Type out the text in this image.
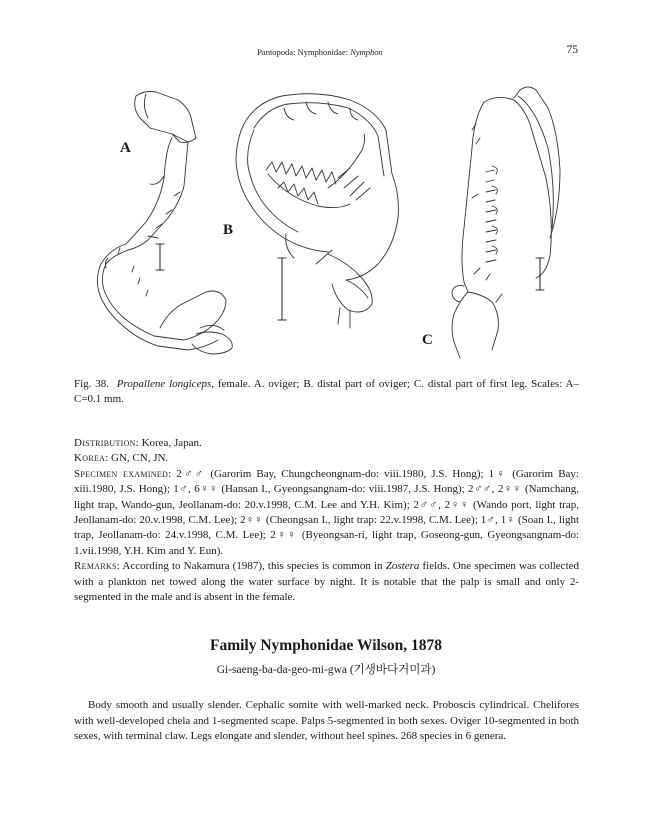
Pantopoda: Nymphonidae: Nymphon	75
A
B
C
Fig. 38. Propallene longiceps, female. A. oviger; B. distal part of oviger; C. distal part of first leg. Scales: A–C=0.1 mm.

Distribution: Korea, Japan.

Korea: GN, CN, JN.

Specimen examined: 2♂♂ (Garorim Bay, Chungcheongnam-do: viii.1980, J.S. Hong); 1♀ (Garorim Bay: xiii.1980, J.S. Hong); 1♂, 6♀♀ (Hansan I., Gyeongsangnam-do: viii.1987, J.S. Hong); 2♂♂, 2♀♀ (Namchang, light trap, Wando-gun, Jeollanam-do: 20.v.1998, C.M. Lee and Y.H. Kim); 2♂♂, 2♀♀ (Wando port, light trap, Jeollanam-do: 20.v.1998, C.M. Lee); 2♀♀ (Cheongsan I., light trap: 22.v.1998, C.M. Lee); 1♂, 1♀ (Soan I., light trap, Jeollanam-do: 24.v.1998, C.M. Lee); 2♀♀ (Byeongsan-ri, light trap, Goseong-gun, Gyeongsangnam-do: 1.vii.1998, Y.H. Kim and Y. Eun).

Remarks: According to Nakamura (1987), this species is common in Zostera fields. One specimen was collected with a plankton net towed along the water surface by night. It is notable that the palp is small and only 2-segmented in the male and is absent in the female.

Family Nymphonidae Wilson, 1878
Gi-saeng-ba-da-geo-mi-gwa (기생바다거미과)
Body smooth and usually slender. Cephalic somite with well-marked neck. Proboscis cylindrical. Chelifores with well-developed chela and 1-segmented scape. Palps 5-segmented in both sexes. Oviger 10-segmented in both sexes, with terminal claw. Legs elongate and slender, without heel spines. 268 species in 6 genera.
